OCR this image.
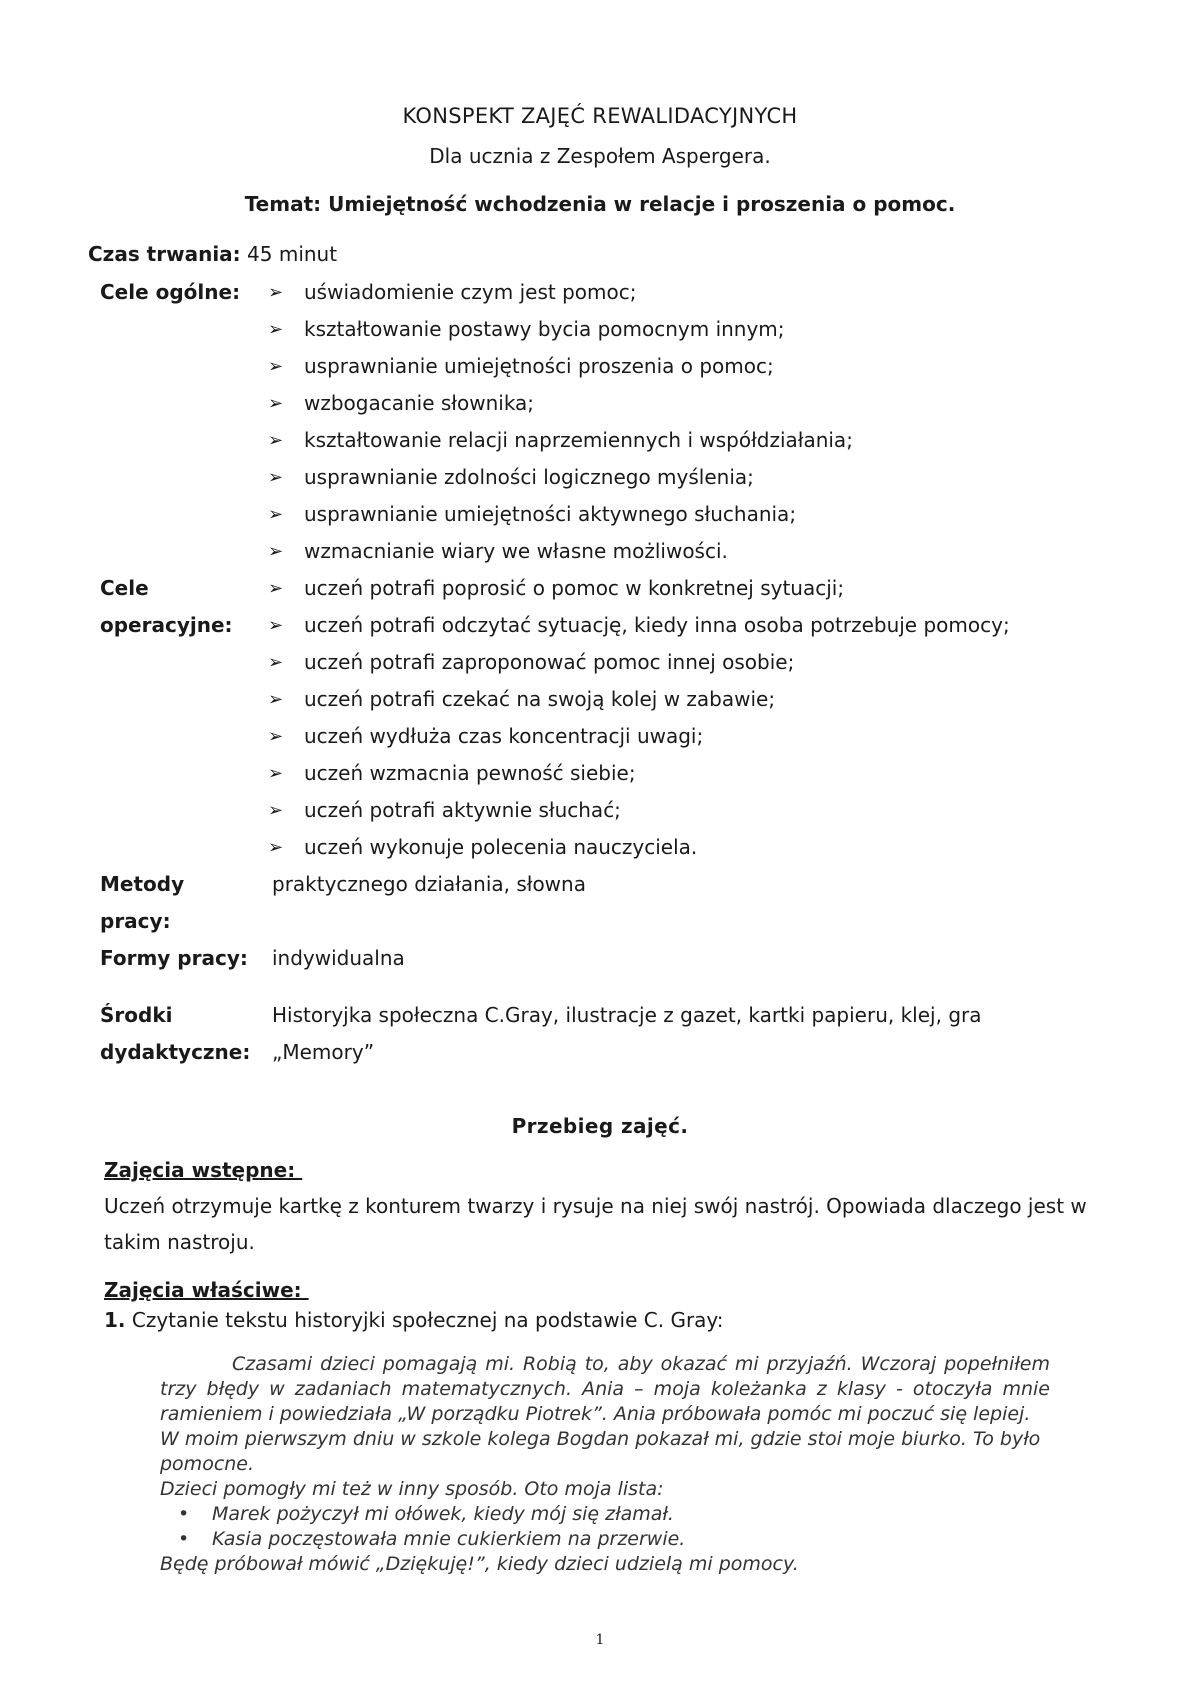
KONSPEKT ZAJĘĆ REWALIDACYJNYCH
Dla ucznia z Zespołem Aspergera.
Temat: Umiejętność wchodzenia w relacje i proszenia o pomoc.
Czas trwania: 45 minut
Cele ogólne: ➢ uświadomienie czym jest pomoc;
➢ kształtowanie postawy bycia pomocnym innym;
➢ usprawnianie umiejętności proszenia o pomoc;
➢ wzbogacanie słownika;
➢ kształtowanie relacji naprzemiennych i współdziałania;
➢ usprawnianie zdolności logicznego myślenia;
➢ usprawnianie umiejętności aktywnego słuchania;
➢ wzmacnianie wiary we własne możliwości.
Cele	➢ uczeń potrafi poprosić o pomoc w konkretnej sytuacji;
operacyjne: ➢ uczeń potrafi odczytać sytuację, kiedy inna osoba potrzebuje pomocy;
➢ uczeń potrafi zaproponować pomoc innej osobie;
➢ uczeń potrafi czekać na swoją kolej w zabawie;
➢ uczeń wydłuża czas koncentracji uwagi;
➢ uczeń wzmacnia pewność siebie;
➢ uczeń potrafi aktywnie słuchać;
➢ uczeń wykonuje polecenia nauczyciela.
Metody	praktycznego działania, słowna
pracy:
Formy pracy: indywidualna
Środki	Historyjka społeczna C.Gray, ilustracje z gazet, kartki papieru, klej, gra
dydaktyczne: „Memory”
Przebieg zajęć.
Zajęcia wstępne:
Uczeń otrzymuje kartkę z konturem twarzy i rysuje na niej swój nastrój. Opowiada dlaczego jest w takim nastroju.
Zajęcia właściwe:
1. Czytanie tekstu historyjki społecznej na podstawie C. Gray:

Czasami dzieci pomagają mi. Robią to, aby okazać mi przyjaźń. Wczoraj popełniłem trzy błędy w zadaniach matematycznych. Ania – moja koleżanka z klasy - otoczyła mnie ramieniem i powiedziała „W porządku Piotrek”. Ania próbowała pomóc mi poczuć się lepiej.

W moim pierwszym dniu w szkole kolega Bogdan pokazał mi, gdzie stoi moje biurko. To było pomocne.

Dzieci pomogły mi też w inny sposób. Oto moja lista:

• Marek pożyczył mi ołówek, kiedy mój się złamał.
• Kasia poczęstowała mnie cukierkiem na przerwie.

Będę próbował mówić „Dziękuję!”, kiedy dzieci udzielą mi pomocy.

1
